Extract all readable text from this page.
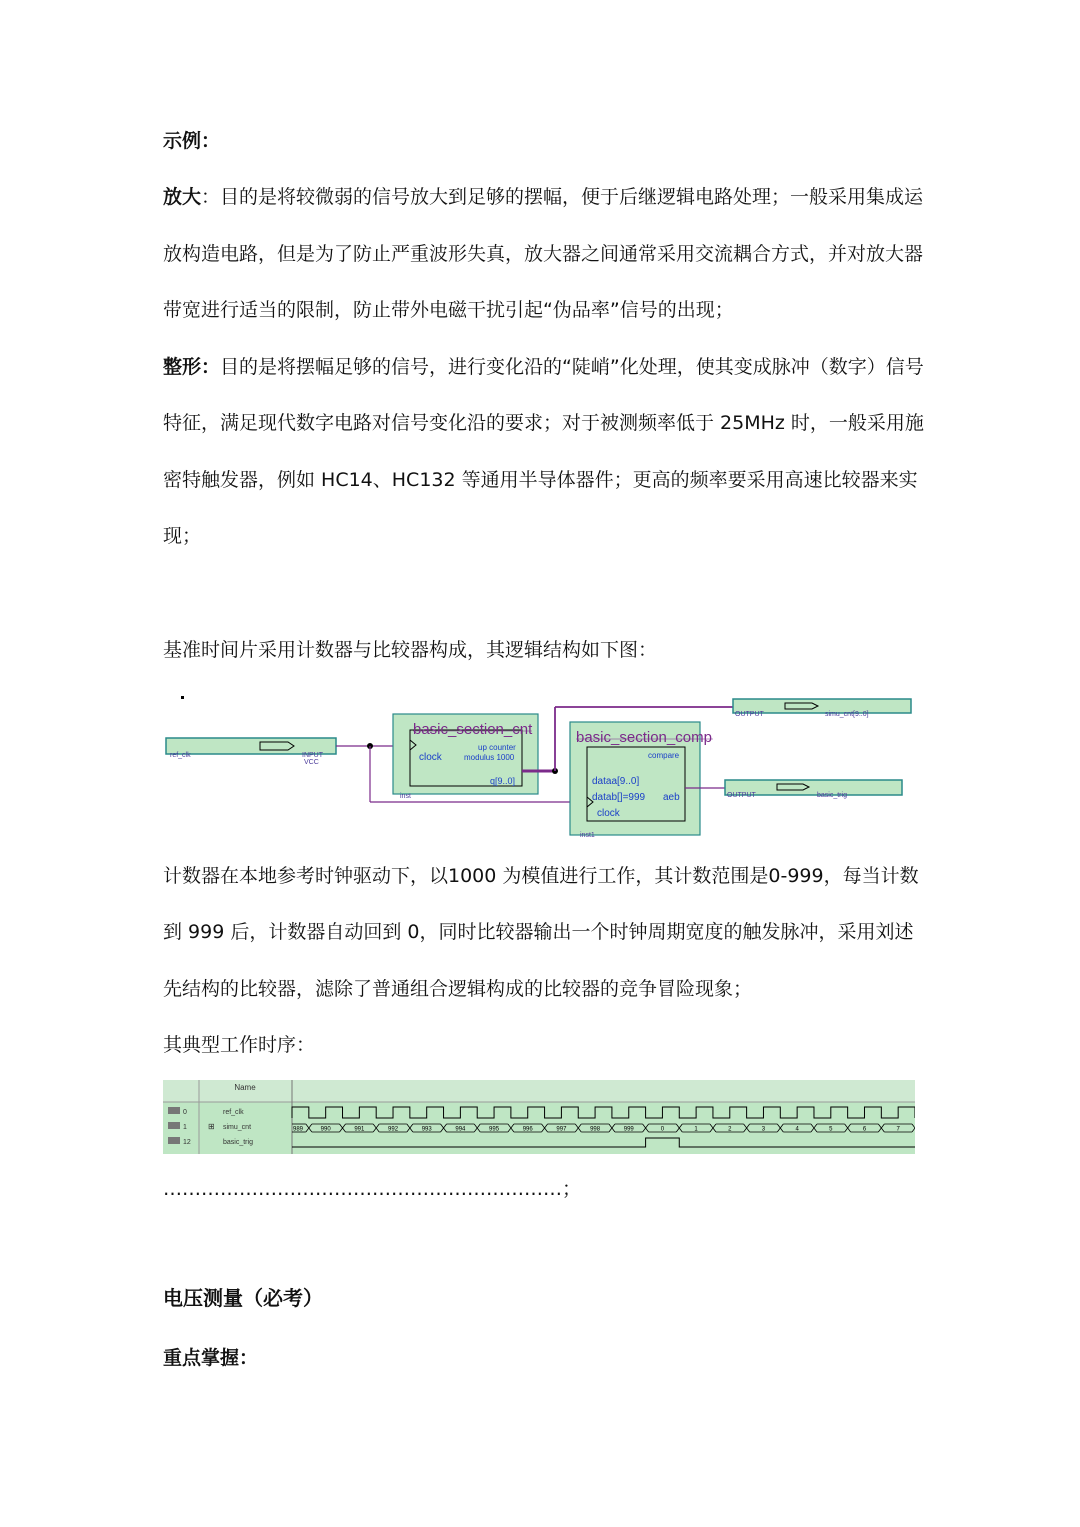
示例：
放大：目的是将较微弱的信号放大到足够的摆幅，便于后继逻辑电路处理；一般采用集成运
放构造电路，但是为了防止严重波形失真，放大器之间通常采用交流耦合方式，并对放大器
带宽进行适当的限制，防止带外电磁干扰引起“伪品率”信号的出现；
整形：目的是将摆幅足够的信号，进行变化沿的“陡峭”化处理，使其变成脉冲（数字）信号
特征，满足现代数字电路对信号变化沿的要求；对于被测频率低于 25MHz 时，一般采用施
密特触发器，例如 HC14、HC132 等通用半导体器件；更高的频率要采用高速比较器来实
现；
基准时间片采用计数器与比较器构成，其逻辑结构如下图：
ref_clk	INPUT
VCC
basic_section_cnt
clock
up counter
modulus 1000
q[9..0]
inst
basic_section_comp
compare
dataa[9..0]
datab[]=999
clock
aeb
inst1
OUTPUT	simu_cnt[9..0]
OUTPUT	basic_trig
计数器在本地参考时钟驱动下，以1000 为模值进行工作，其计数范围是0-999，每当计数
到 999 后，计数器自动回到 0，同时比较器输出一个时钟周期宽度的触发脉冲，采用刘述
先结构的比较器，滤除了普通组合逻辑构成的比较器的竞争冒险现象；
其典型工作时序：
Name
0	ref_clk
1	⊞ simu_cnt
12	basic_trig
989	990	991	992	993	994	995	996	997	998	999	0	1	2	3	4	5	6	7
………………………………………………………；
电压测量（必考）
重点掌握：
